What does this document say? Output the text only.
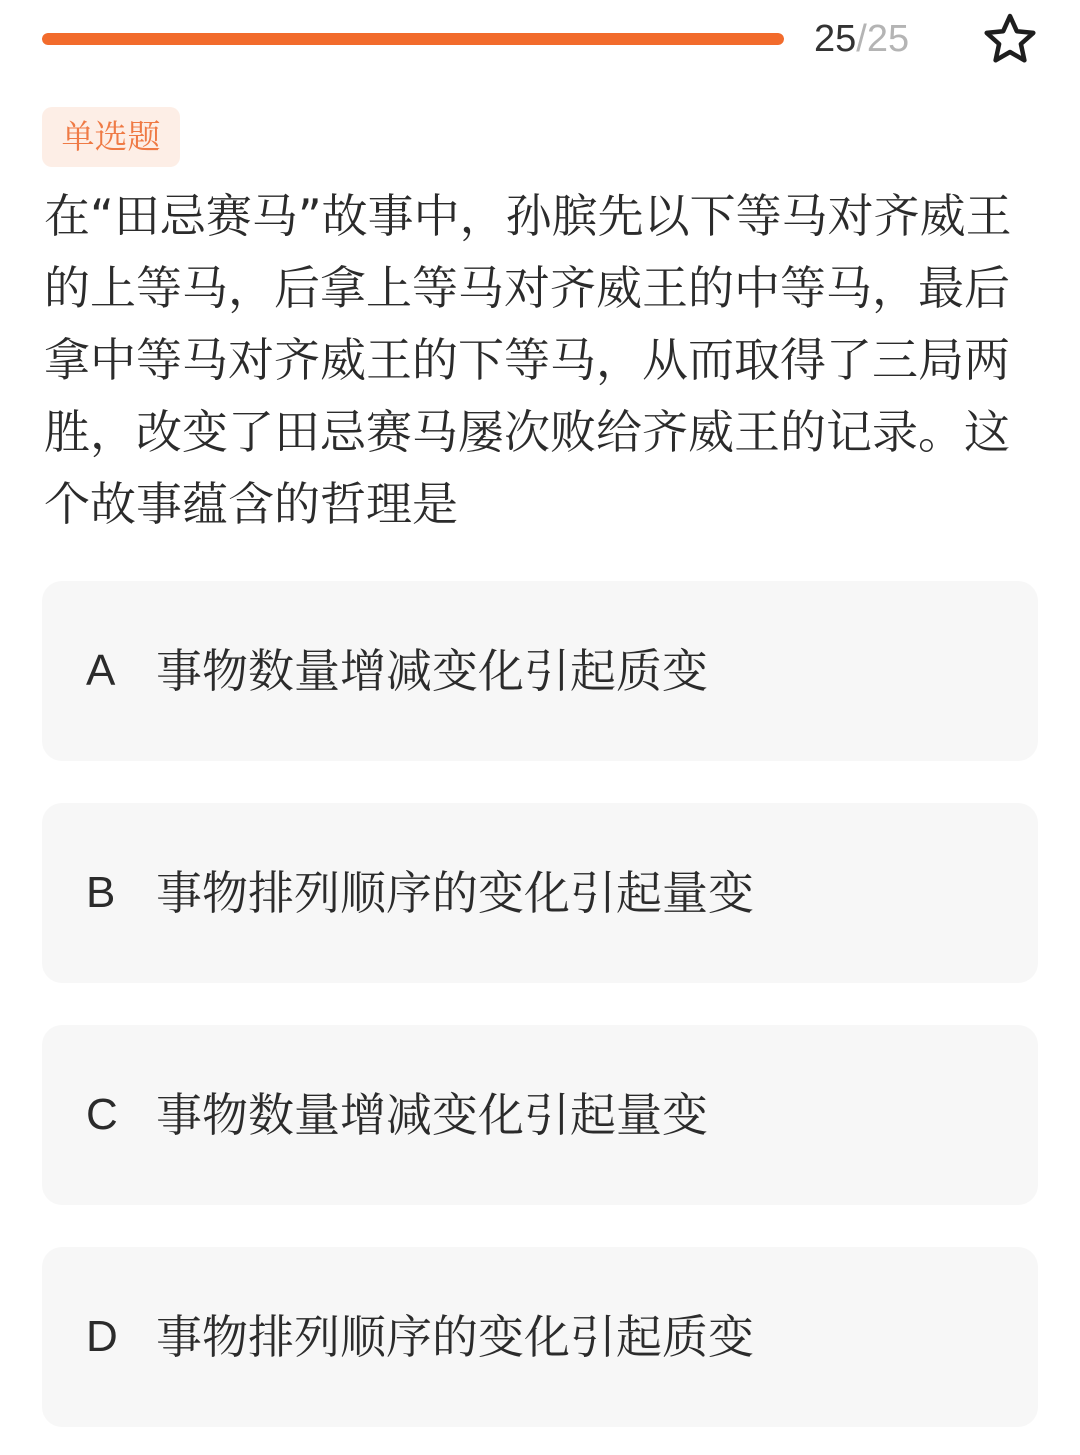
25/25
单选题
在“田忌赛马”故事中，孙膑先以下等马对齐威王的上等马，后拿上等马对齐威王的中等马，最后拿中等马对齐威王的下等马，从而取得了三局两胜，改变了田忌赛马屡次败给齐威王的记录。这个故事蕴含的哲理是
A 事物数量增减变化引起质变
B 事物排列顺序的变化引起量变
C 事物数量增减变化引起量变
D 事物排列顺序的变化引起质变
